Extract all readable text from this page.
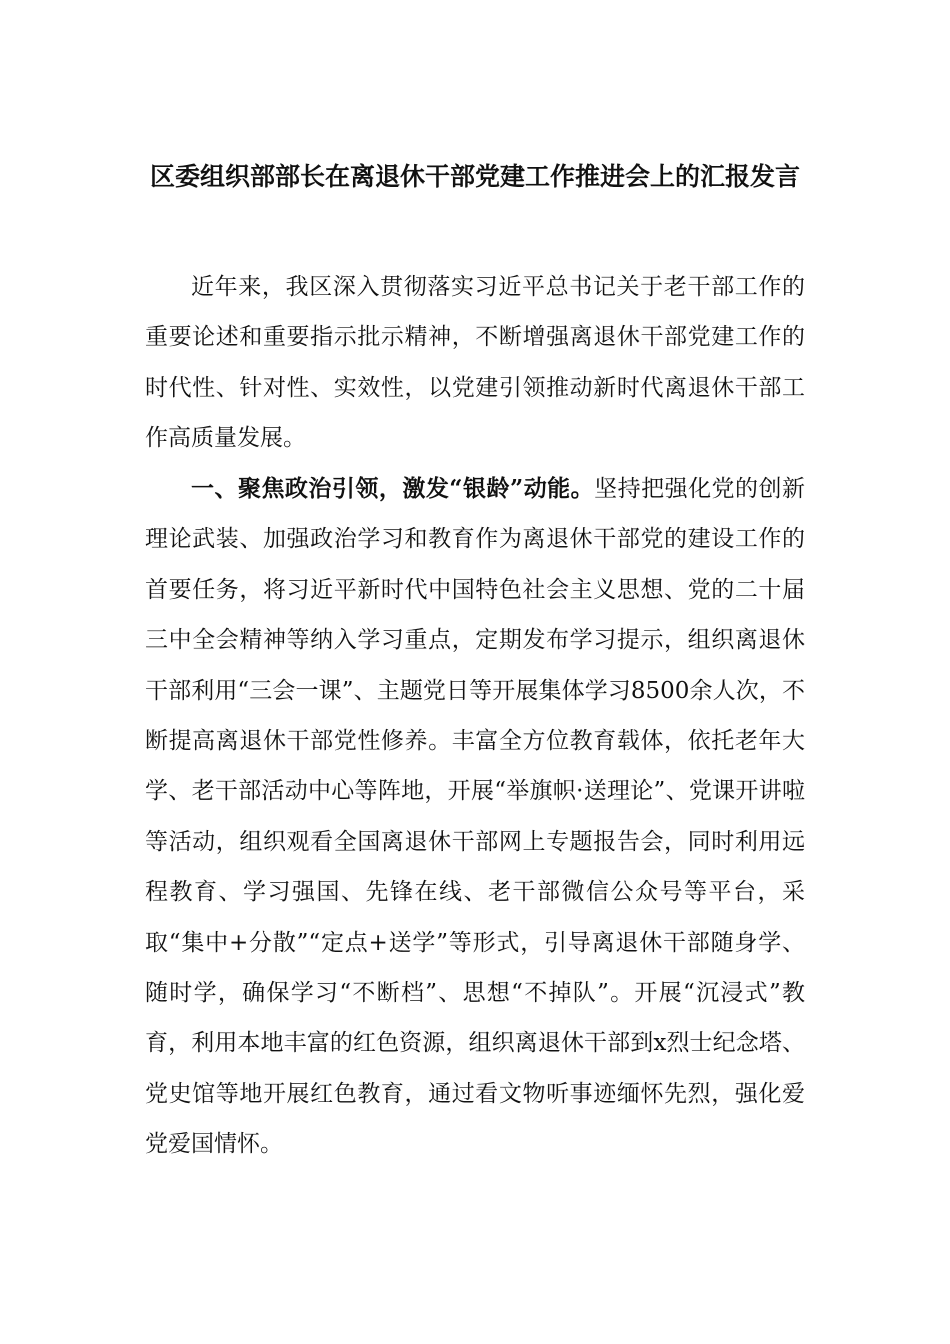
区委组织部部长在离退休干部党建工作推进会上的汇报发言

近年来，我区深入贯彻落实习近平总书记关于老干部工作的重要论述和重要指示批示精神，不断增强离退休干部党建工作的时代性、针对性、实效性，以党建引领推动新时代离退休干部工作高质量发展。

一、聚焦政治引领，激发“银龄”动能。坚持把强化党的创新理论武装、加强政治学习和教育作为离退休干部党的建设工作的首要任务，将习近平新时代中国特色社会主义思想、党的二十届三中全会精神等纳入学习重点，定期发布学习提示，组织离退休干部利用“三会一课”、主题党日等开展集体学习8500余人次，不断提高离退休干部党性修养。丰富全方位教育载体，依托老年大学、老干部活动中心等阵地，开展“举旗帜·送理论”、党课开讲啦等活动，组织观看全国离退休干部网上专题报告会，同时利用远程教育、学习强国、先锋在线、老干部微信公众号等平台，采取“集中+分散”“定点+送学”等形式，引导离退休干部随身学、随时学，确保学习“不断档”、思想“不掉队”。开展“沉浸式”教育，利用本地丰富的红色资源，组织离退休干部到x烈士纪念塔、党史馆等地开展红色教育，通过看文物听事迹缅怀先烈，强化爱党爱国情怀。
